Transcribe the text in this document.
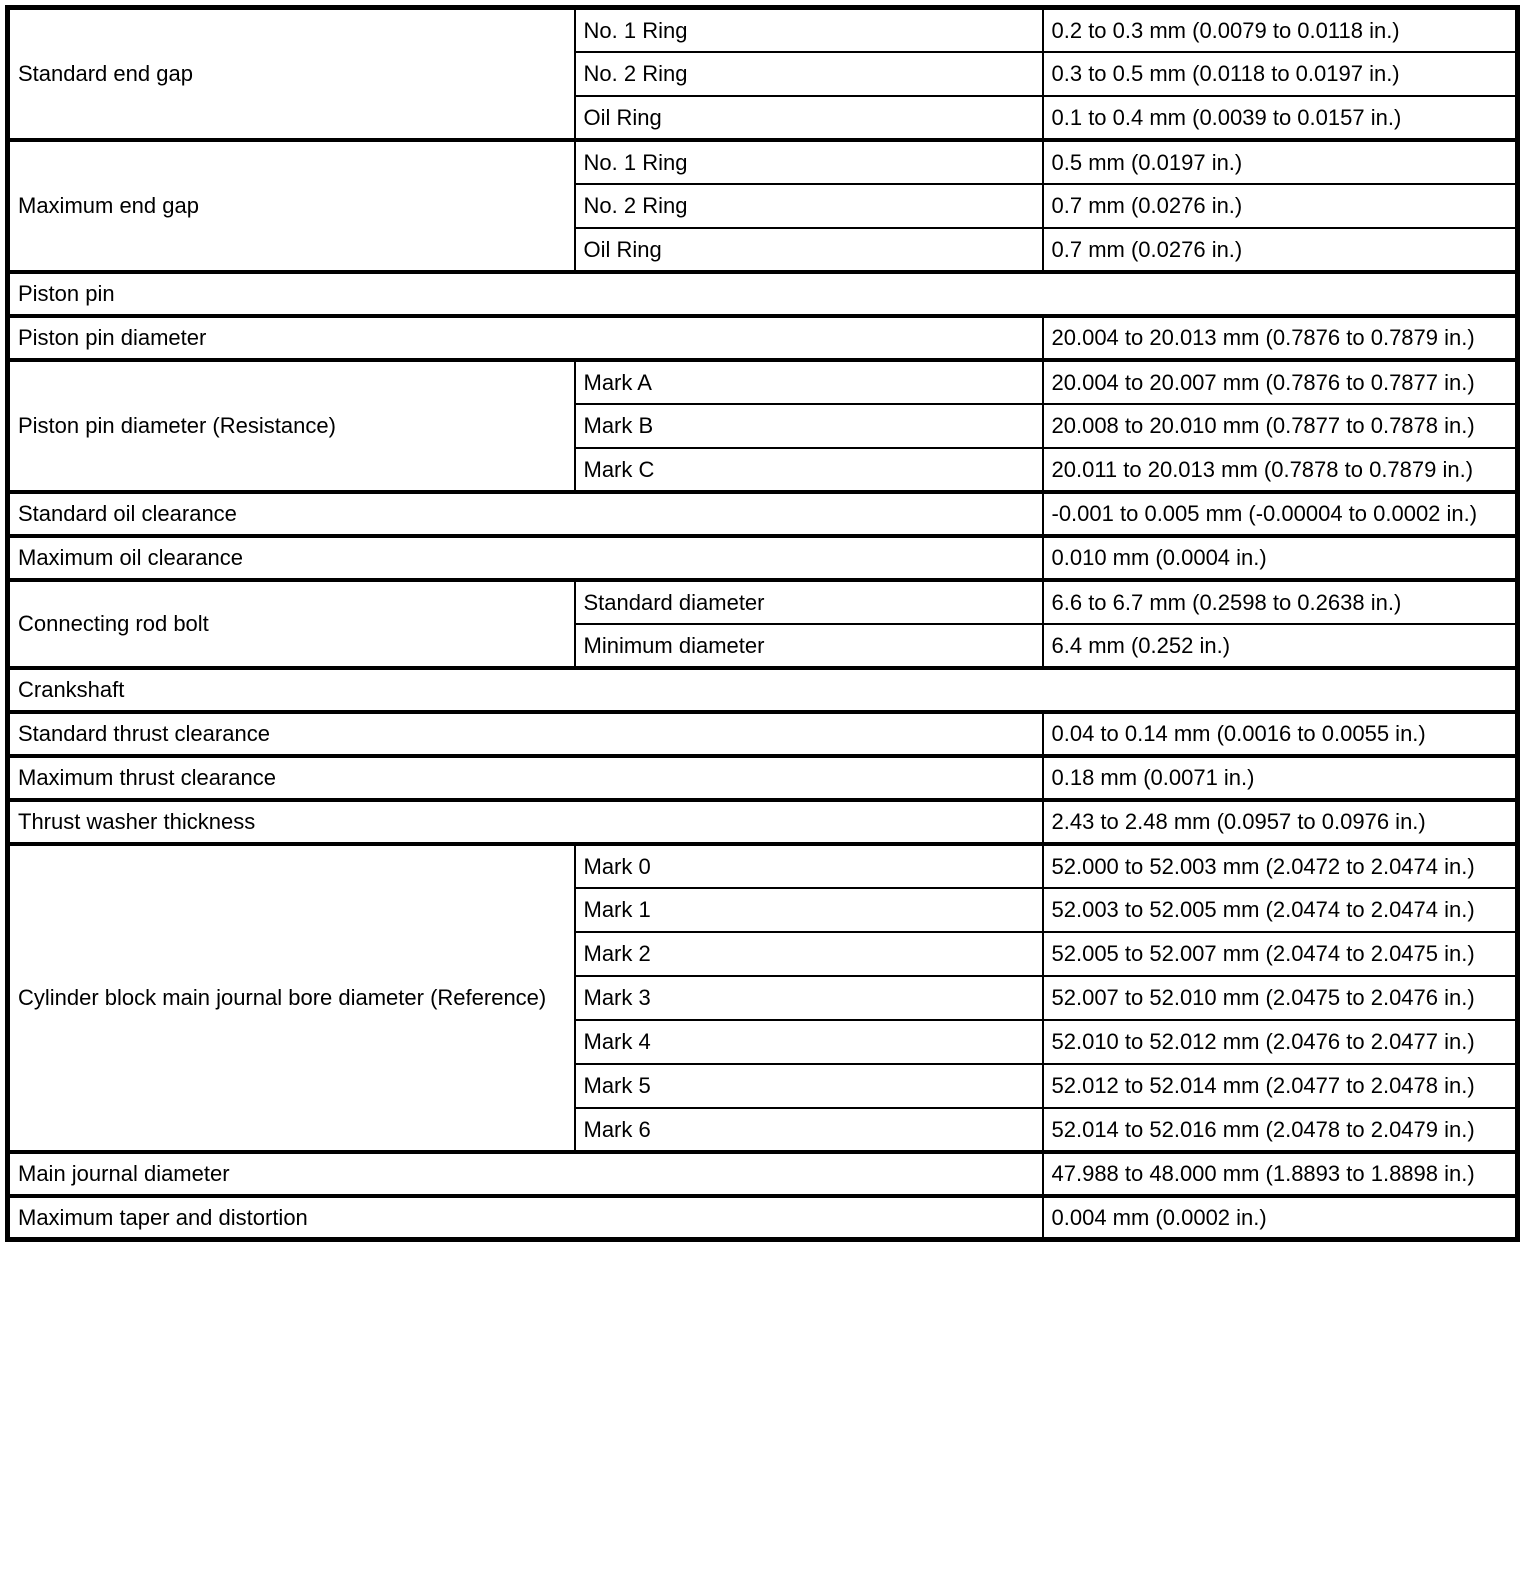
Standard end gap	No. 1 Ring	0.2 to 0.3 mm (0.0079 to 0.0118 in.)
	No. 2 Ring	0.3 to 0.5 mm (0.0118 to 0.0197 in.)
	Oil Ring	0.1 to 0.4 mm (0.0039 to 0.0157 in.)
Maximum end gap	No. 1 Ring	0.5 mm (0.0197 in.)
	No. 2 Ring	0.7 mm (0.0276 in.)
	Oil Ring	0.7 mm (0.0276 in.)
Piston pin		
Piston pin diameter		20.004 to 20.013 mm (0.7876 to 0.7879 in.)
Piston pin diameter (Resistance)	Mark A	20.004 to 20.007 mm (0.7876 to 0.7877 in.)
	Mark B	20.008 to 20.010 mm (0.7877 to 0.7878 in.)
	Mark C	20.011 to 20.013 mm (0.7878 to 0.7879 in.)
Standard oil clearance		-0.001 to 0.005 mm (-0.00004 to 0.0002 in.)
Maximum oil clearance		0.010 mm (0.0004 in.)
Connecting rod bolt	Standard diameter	6.6 to 6.7 mm (0.2598 to 0.2638 in.)
	Minimum diameter	6.4 mm (0.252 in.)
Crankshaft		
Standard thrust clearance		0.04 to 0.14 mm (0.0016 to 0.0055 in.)
Maximum thrust clearance		0.18 mm (0.0071 in.)
Thrust washer thickness		2.43 to 2.48 mm (0.0957 to 0.0976 in.)
Cylinder block main journal bore diameter (Reference)	Mark 0	52.000 to 52.003 mm (2.0472 to 2.0474 in.)
	Mark 1	52.003 to 52.005 mm (2.0474 to 2.0474 in.)
	Mark 2	52.005 to 52.007 mm (2.0474 to 2.0475 in.)
	Mark 3	52.007 to 52.010 mm (2.0475 to 2.0476 in.)
	Mark 4	52.010 to 52.012 mm (2.0476 to 2.0477 in.)
	Mark 5	52.012 to 52.014 mm (2.0477 to 2.0478 in.)
	Mark 6	52.014 to 52.016 mm (2.0478 to 2.0479 in.)
Main journal diameter		47.988 to 48.000 mm (1.8893 to 1.8898 in.)
Maximum taper and distortion		0.004 mm (0.0002 in.)
